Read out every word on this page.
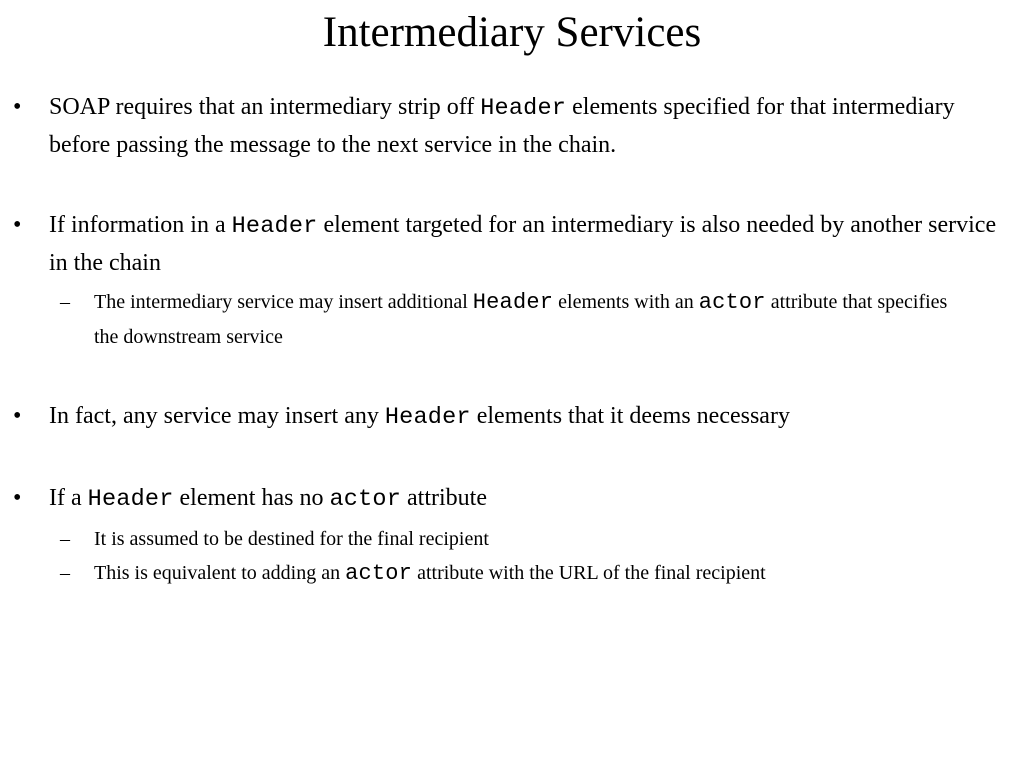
Intermediary Services
•	SOAP requires that an intermediary strip off Header elements specified for that intermediary before passing the message to the next service in the chain.
•	If information in a Header element targeted for an intermediary is also needed by another service in the chain
–	The intermediary service may insert additional Header elements with an actor attribute that specifies the downstream service
•	In fact, any service may insert any Header elements that it deems necessary
•	If a Header element has no actor attribute
–	It is assumed to be destined for the final recipient
–	This is equivalent to adding an actor attribute with the URL of the final recipient
